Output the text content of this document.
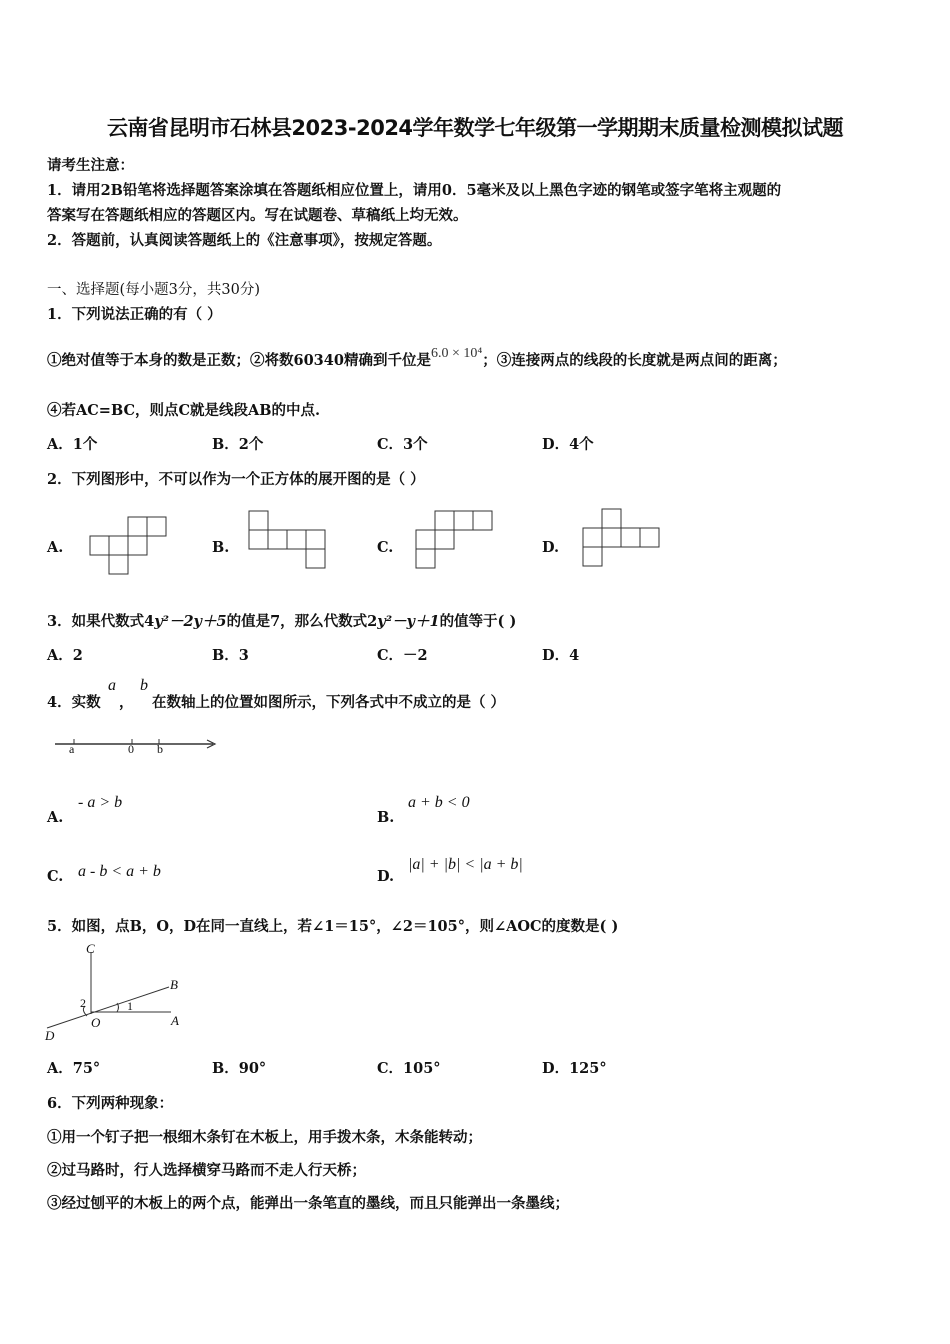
云南省昆明市石林县2023-2024学年数学七年级第一学期期末质量检测模拟试题
请考生注意：
1．请用2B铅笔将选择题答案涂填在答题纸相应位置上，请用0．5毫米及以上黑色字迹的钢笔或签字笔将主观题的
答案写在答题纸相应的答题区内。写在试题卷、草稿纸上均无效。
2．答题前，认真阅读答题纸上的《注意事项》，按规定答题。
一、选择题(每小题3分，共30分)
1．下列说法正确的有（ ）
①绝对值等于本身的数是正数；②将数60340精确到千位是6.0 × 10⁴；③连接两点的线段的长度就是两点间的距离；
④若AC=BC，则点C就是线段AB的中点.
A．1个	B．2个	C．3个	D．4个
2．下列图形中，不可以作为一个正方体的展开图的是（ ）
A.	B.	C.	D.
3．如果代数式4y²－2y＋5的值是7，那么代数式2y²－y＋1的值等于( )
A．2	B．3	C．－2	D．4
4．实数
a
，
b
在数轴上的位置如图所示，下列各式中不成立的是（ ）
a	0 b
A.
- a > b
B.
a + b < 0
C. a - b < a + b	D.
|a| + |b| < |a + b|
5．如图，点B，O，D在同一直线上，若∠1＝15°，∠2＝105°，则∠AOC的度数是( )
C
B
2	1
O	A
D
A．75°	B．90°	C．105°	D．125°
6．下列两种现象：
①用一个钉子把一根细木条钉在木板上，用手拨木条，木条能转动；
②过马路时，行人选择横穿马路而不走人行天桥；
③经过刨平的木板上的两个点，能弹出一条笔直的墨线，而且只能弹出一条墨线；
